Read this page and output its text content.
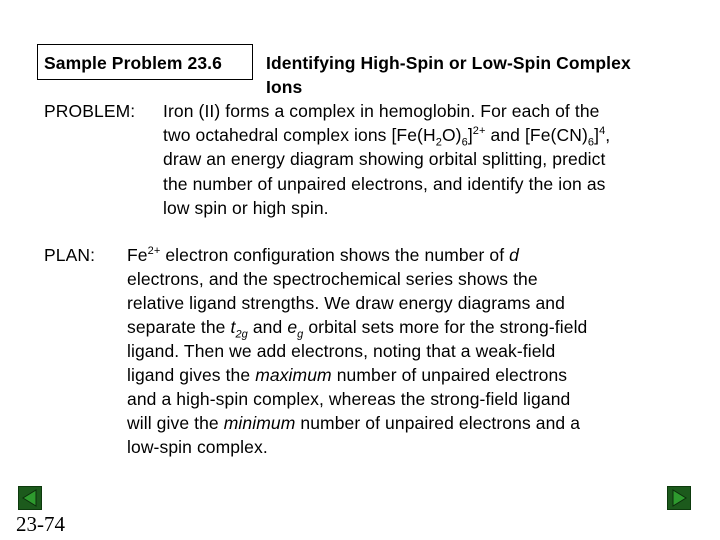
Sample Problem 23.6	Identifying High-Spin or Low-Spin Complex
Ions
PROBLEM: Iron (II) forms a complex in hemoglobin. For each of the
two octahedral complex ions $[Fe(H_2O)_6]^{2+}$ and $[Fe(CN)_6]^4$,
draw an energy diagram showing orbital splitting, predict
the number of unpaired electrons, and identify the ion as
low spin or high spin.
PLAN: $Fe^{2+}$ electron configuration shows the number of d
electrons, and the spectrochemical series shows the
relative ligand strengths. We draw energy diagrams and
separate the $t_{2g}$ and $e_g$ orbital sets more for the strong-field
ligand. Then we add electrons, noting that a weak-field
ligand gives the maximum number of unpaired electrons
and a high-spin complex, whereas the strong-field ligand
will give the minimum number of unpaired electrons and a
low-spin complex.
23-74
